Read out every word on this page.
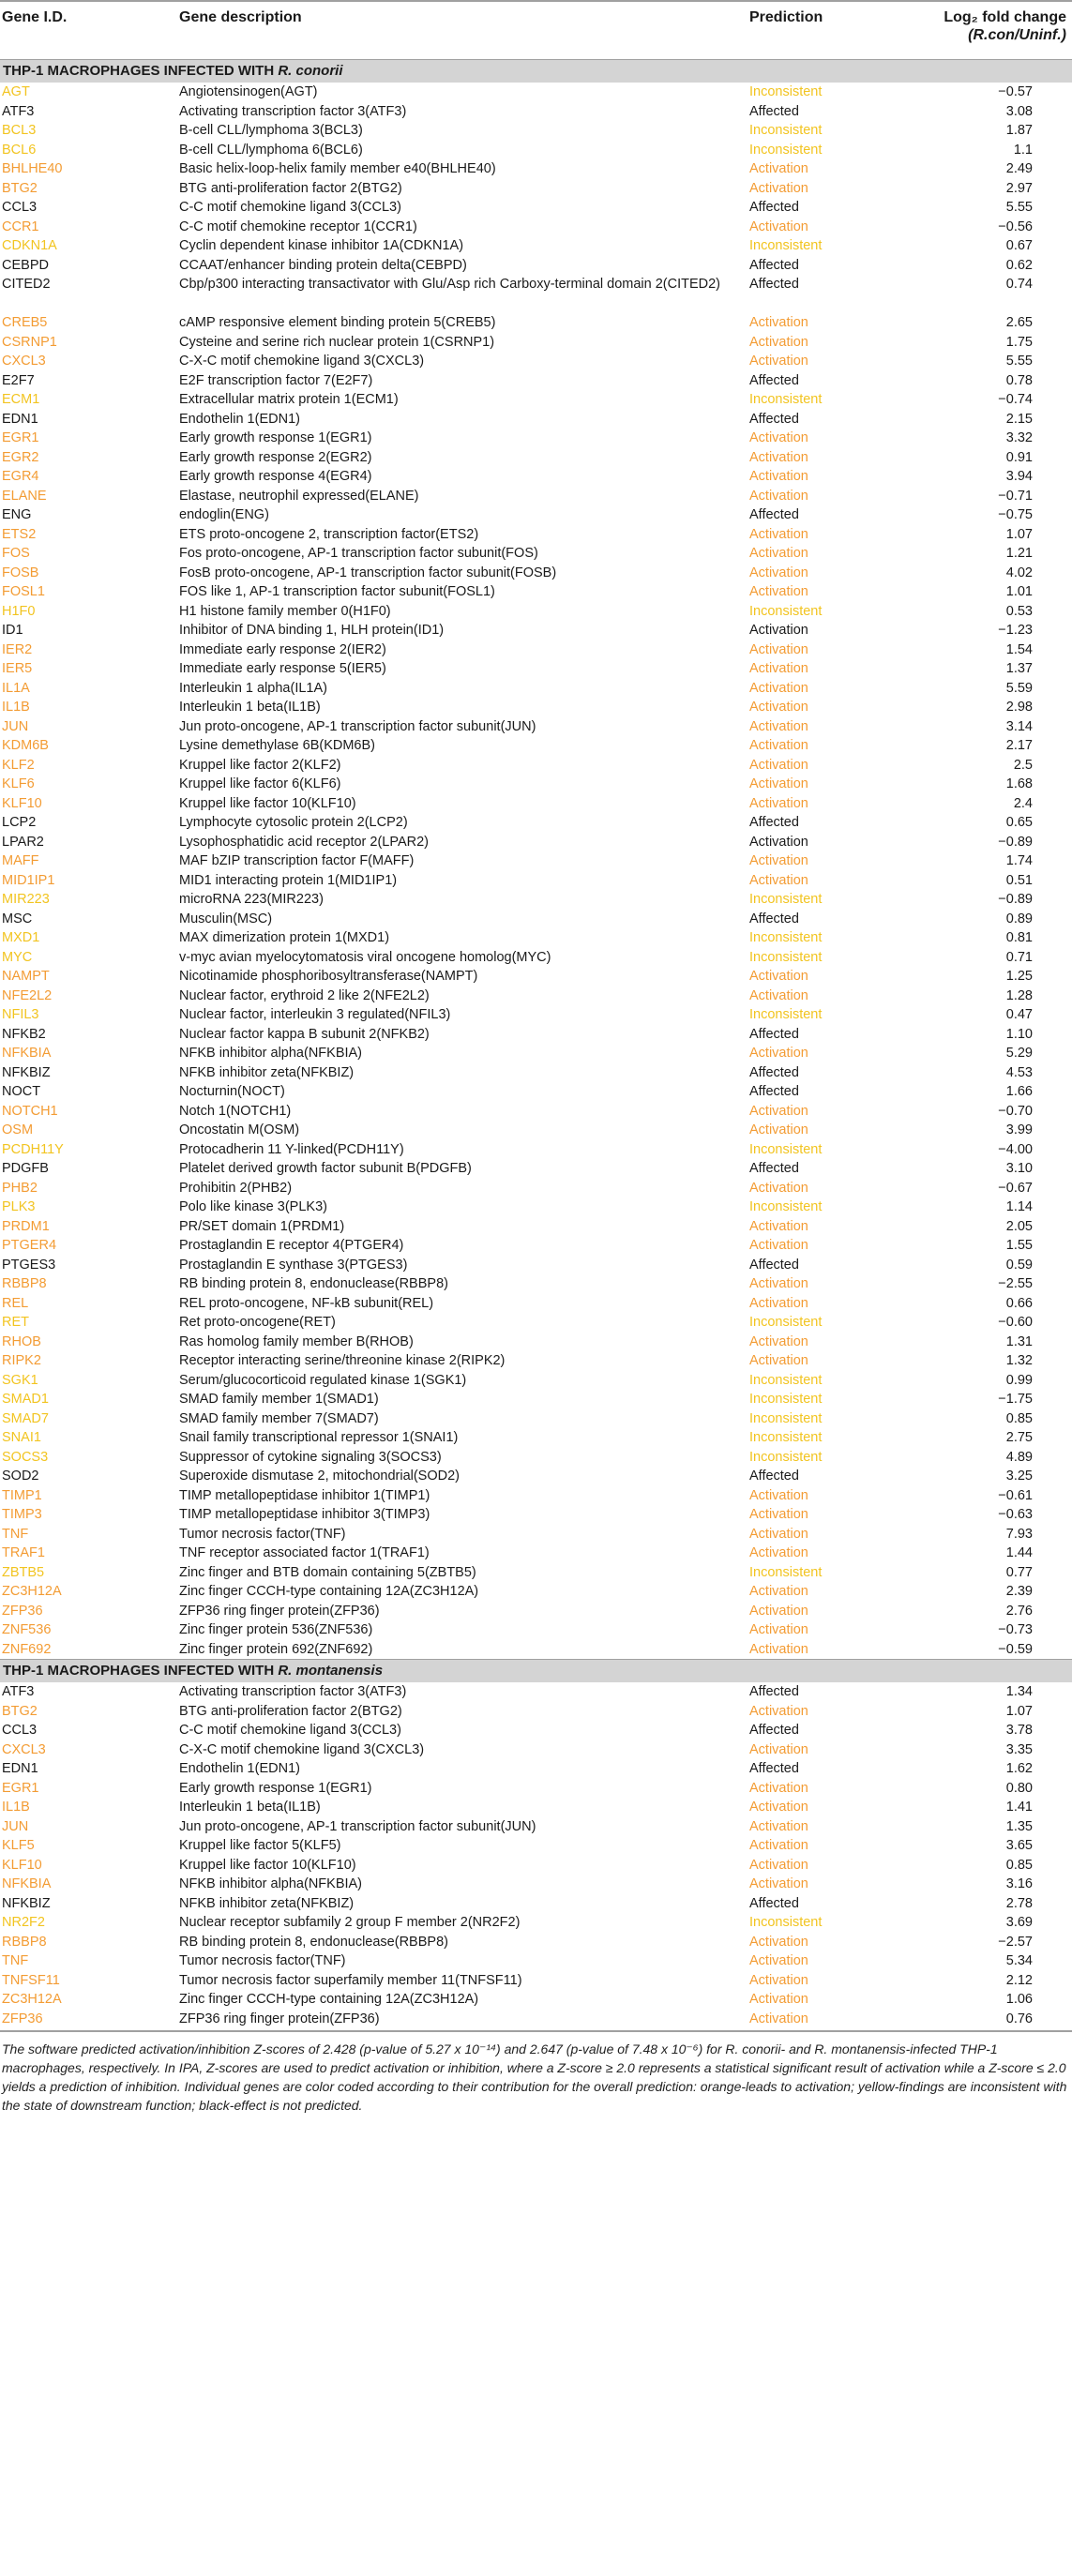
Gene I.D.	Gene description	Prediction	Log₂ fold change
(R.con/Uninf.)
THP-1 MACROPHAGES INFECTED WITH R. conorii
AGT	Angiotensinogen(AGT)	Inconsistent	−0.57
ATF3	Activating transcription factor 3(ATF3)	Affected	3.08
BCL3	B-cell CLL/lymphoma 3(BCL3)	Inconsistent	1.87
BCL6	B-cell CLL/lymphoma 6(BCL6)	Inconsistent	1.1
BHLHE40	Basic helix-loop-helix family member e40(BHLHE40)	Activation	2.49
BTG2	BTG anti-proliferation factor 2(BTG2)	Activation	2.97
CCL3	C-C motif chemokine ligand 3(CCL3)	Affected	5.55
CCR1	C-C motif chemokine receptor 1(CCR1)	Activation	−0.56
CDKN1A	Cyclin dependent kinase inhibitor 1A(CDKN1A)	Inconsistent	0.67
CEBPD	CCAAT/enhancer binding protein delta(CEBPD)	Affected	0.62
CITED2	Cbp/p300 interacting transactivator with Glu/Asp rich Carboxy-terminal domain 2(CITED2)	Affected	0.74
CREB5	cAMP responsive element binding protein 5(CREB5)	Activation	2.65
CSRNP1	Cysteine and serine rich nuclear protein 1(CSRNP1)	Activation	1.75
CXCL3	C-X-C motif chemokine ligand 3(CXCL3)	Activation	5.55
E2F7	E2F transcription factor 7(E2F7)	Affected	0.78
ECM1	Extracellular matrix protein 1(ECM1)	Inconsistent	−0.74
EDN1	Endothelin 1(EDN1)	Affected	2.15
EGR1	Early growth response 1(EGR1)	Activation	3.32
EGR2	Early growth response 2(EGR2)	Activation	0.91
EGR4	Early growth response 4(EGR4)	Activation	3.94
ELANE	Elastase, neutrophil expressed(ELANE)	Activation	−0.71
ENG	endoglin(ENG)	Affected	−0.75
ETS2	ETS proto-oncogene 2, transcription factor(ETS2)	Activation	1.07
FOS	Fos proto-oncogene, AP-1 transcription factor subunit(FOS)	Activation	1.21
FOSB	FosB proto-oncogene, AP-1 transcription factor subunit(FOSB)	Activation	4.02
FOSL1	FOS like 1, AP-1 transcription factor subunit(FOSL1)	Activation	1.01
H1F0	H1 histone family member 0(H1F0)	Inconsistent	0.53
ID1	Inhibitor of DNA binding 1, HLH protein(ID1)	Activation	−1.23
IER2	Immediate early response 2(IER2)	Activation	1.54
IER5	Immediate early response 5(IER5)	Activation	1.37
IL1A	Interleukin 1 alpha(IL1A)	Activation	5.59
IL1B	Interleukin 1 beta(IL1B)	Activation	2.98
JUN	Jun proto-oncogene, AP-1 transcription factor subunit(JUN)	Activation	3.14
KDM6B	Lysine demethylase 6B(KDM6B)	Activation	2.17
KLF2	Kruppel like factor 2(KLF2)	Activation	2.5
KLF6	Kruppel like factor 6(KLF6)	Activation	1.68
KLF10	Kruppel like factor 10(KLF10)	Activation	2.4
LCP2	Lymphocyte cytosolic protein 2(LCP2)	Affected	0.65
LPAR2	Lysophosphatidic acid receptor 2(LPAR2)	Activation	−0.89
MAFF	MAF bZIP transcription factor F(MAFF)	Activation	1.74
MID1IP1	MID1 interacting protein 1(MID1IP1)	Activation	0.51
MIR223	microRNA 223(MIR223)	Inconsistent	−0.89
MSC	Musculin(MSC)	Affected	0.89
MXD1	MAX dimerization protein 1(MXD1)	Inconsistent	0.81
MYC	v-myc avian myelocytomatosis viral oncogene homolog(MYC)	Inconsistent	0.71
NAMPT	Nicotinamide phosphoribosyltransferase(NAMPT)	Activation	1.25
NFE2L2	Nuclear factor, erythroid 2 like 2(NFE2L2)	Activation	1.28
NFIL3	Nuclear factor, interleukin 3 regulated(NFIL3)	Inconsistent	0.47
NFKB2	Nuclear factor kappa B subunit 2(NFKB2)	Affected	1.10
NFKBIA	NFKB inhibitor alpha(NFKBIA)	Activation	5.29
NFKBIZ	NFKB inhibitor zeta(NFKBIZ)	Affected	4.53
NOCT	Nocturnin(NOCT)	Affected	1.66
NOTCH1	Notch 1(NOTCH1)	Activation	−0.70
OSM	Oncostatin M(OSM)	Activation	3.99
PCDH11Y	Protocadherin 11 Y-linked(PCDH11Y)	Inconsistent	−4.00
PDGFB	Platelet derived growth factor subunit B(PDGFB)	Affected	3.10
PHB2	Prohibitin 2(PHB2)	Activation	−0.67
PLK3	Polo like kinase 3(PLK3)	Inconsistent	1.14
PRDM1	PR/SET domain 1(PRDM1)	Activation	2.05
PTGER4	Prostaglandin E receptor 4(PTGER4)	Activation	1.55
PTGES3	Prostaglandin E synthase 3(PTGES3)	Affected	0.59
RBBP8	RB binding protein 8, endonuclease(RBBP8)	Activation	−2.55
REL	REL proto-oncogene, NF-kB subunit(REL)	Activation	0.66
RET	Ret proto-oncogene(RET)	Inconsistent	−0.60
RHOB	Ras homolog family member B(RHOB)	Activation	1.31
RIPK2	Receptor interacting serine/threonine kinase 2(RIPK2)	Activation	1.32
SGK1	Serum/glucocorticoid regulated kinase 1(SGK1)	Inconsistent	0.99
SMAD1	SMAD family member 1(SMAD1)	Inconsistent	−1.75
SMAD7	SMAD family member 7(SMAD7)	Inconsistent	0.85
SNAI1	Snail family transcriptional repressor 1(SNAI1)	Inconsistent	2.75
SOCS3	Suppressor of cytokine signaling 3(SOCS3)	Inconsistent	4.89
SOD2	Superoxide dismutase 2, mitochondrial(SOD2)	Affected	3.25
TIMP1	TIMP metallopeptidase inhibitor 1(TIMP1)	Activation	−0.61
TIMP3	TIMP metallopeptidase inhibitor 3(TIMP3)	Activation	−0.63
TNF	Tumor necrosis factor(TNF)	Activation	7.93
TRAF1	TNF receptor associated factor 1(TRAF1)	Activation	1.44
ZBTB5	Zinc finger and BTB domain containing 5(ZBTB5)	Inconsistent	0.77
ZC3H12A	Zinc finger CCCH-type containing 12A(ZC3H12A)	Activation	2.39
ZFP36	ZFP36 ring finger protein(ZFP36)	Activation	2.76
ZNF536	Zinc finger protein 536(ZNF536)	Activation	−0.73
ZNF692	Zinc finger protein 692(ZNF692)	Activation	−0.59
THP-1 MACROPHAGES INFECTED WITH R. montanensis
ATF3	Activating transcription factor 3(ATF3)	Affected	1.34
BTG2	BTG anti-proliferation factor 2(BTG2)	Activation	1.07
CCL3	C-C motif chemokine ligand 3(CCL3)	Affected	3.78
CXCL3	C-X-C motif chemokine ligand 3(CXCL3)	Activation	3.35
EDN1	Endothelin 1(EDN1)	Affected	1.62
EGR1	Early growth response 1(EGR1)	Activation	0.80
IL1B	Interleukin 1 beta(IL1B)	Activation	1.41
JUN	Jun proto-oncogene, AP-1 transcription factor subunit(JUN)	Activation	1.35
KLF5	Kruppel like factor 5(KLF5)	Activation	3.65
KLF10	Kruppel like factor 10(KLF10)	Activation	0.85
NFKBIA	NFKB inhibitor alpha(NFKBIA)	Activation	3.16
NFKBIZ	NFKB inhibitor zeta(NFKBIZ)	Affected	2.78
NR2F2	Nuclear receptor subfamily 2 group F member 2(NR2F2)	Inconsistent	3.69
RBBP8	RB binding protein 8, endonuclease(RBBP8)	Activation	−2.57
TNF	Tumor necrosis factor(TNF)	Activation	5.34
TNFSF11	Tumor necrosis factor superfamily member 11(TNFSF11)	Activation	2.12
ZC3H12A	Zinc finger CCCH-type containing 12A(ZC3H12A)	Activation	1.06
ZFP36	ZFP36 ring finger protein(ZFP36)	Activation	0.76
The software predicted activation/inhibition Z-scores of 2.428 (p-value of 5.27 x 10⁻¹⁴) and 2.647 (p-value of 7.48 x 10⁻⁶) for R. conorii- and R. montanensis-infected THP-1 macrophages, respectively. In IPA, Z-scores are used to predict activation or inhibition, where a Z-score ≥ 2.0 represents a statistical significant result of activation while a Z-score ≤ 2.0 yields a prediction of inhibition. Individual genes are color coded according to their contribution for the overall prediction: orange-leads to activation; yellow-findings are inconsistent with the state of downstream function; black-effect is not predicted.
